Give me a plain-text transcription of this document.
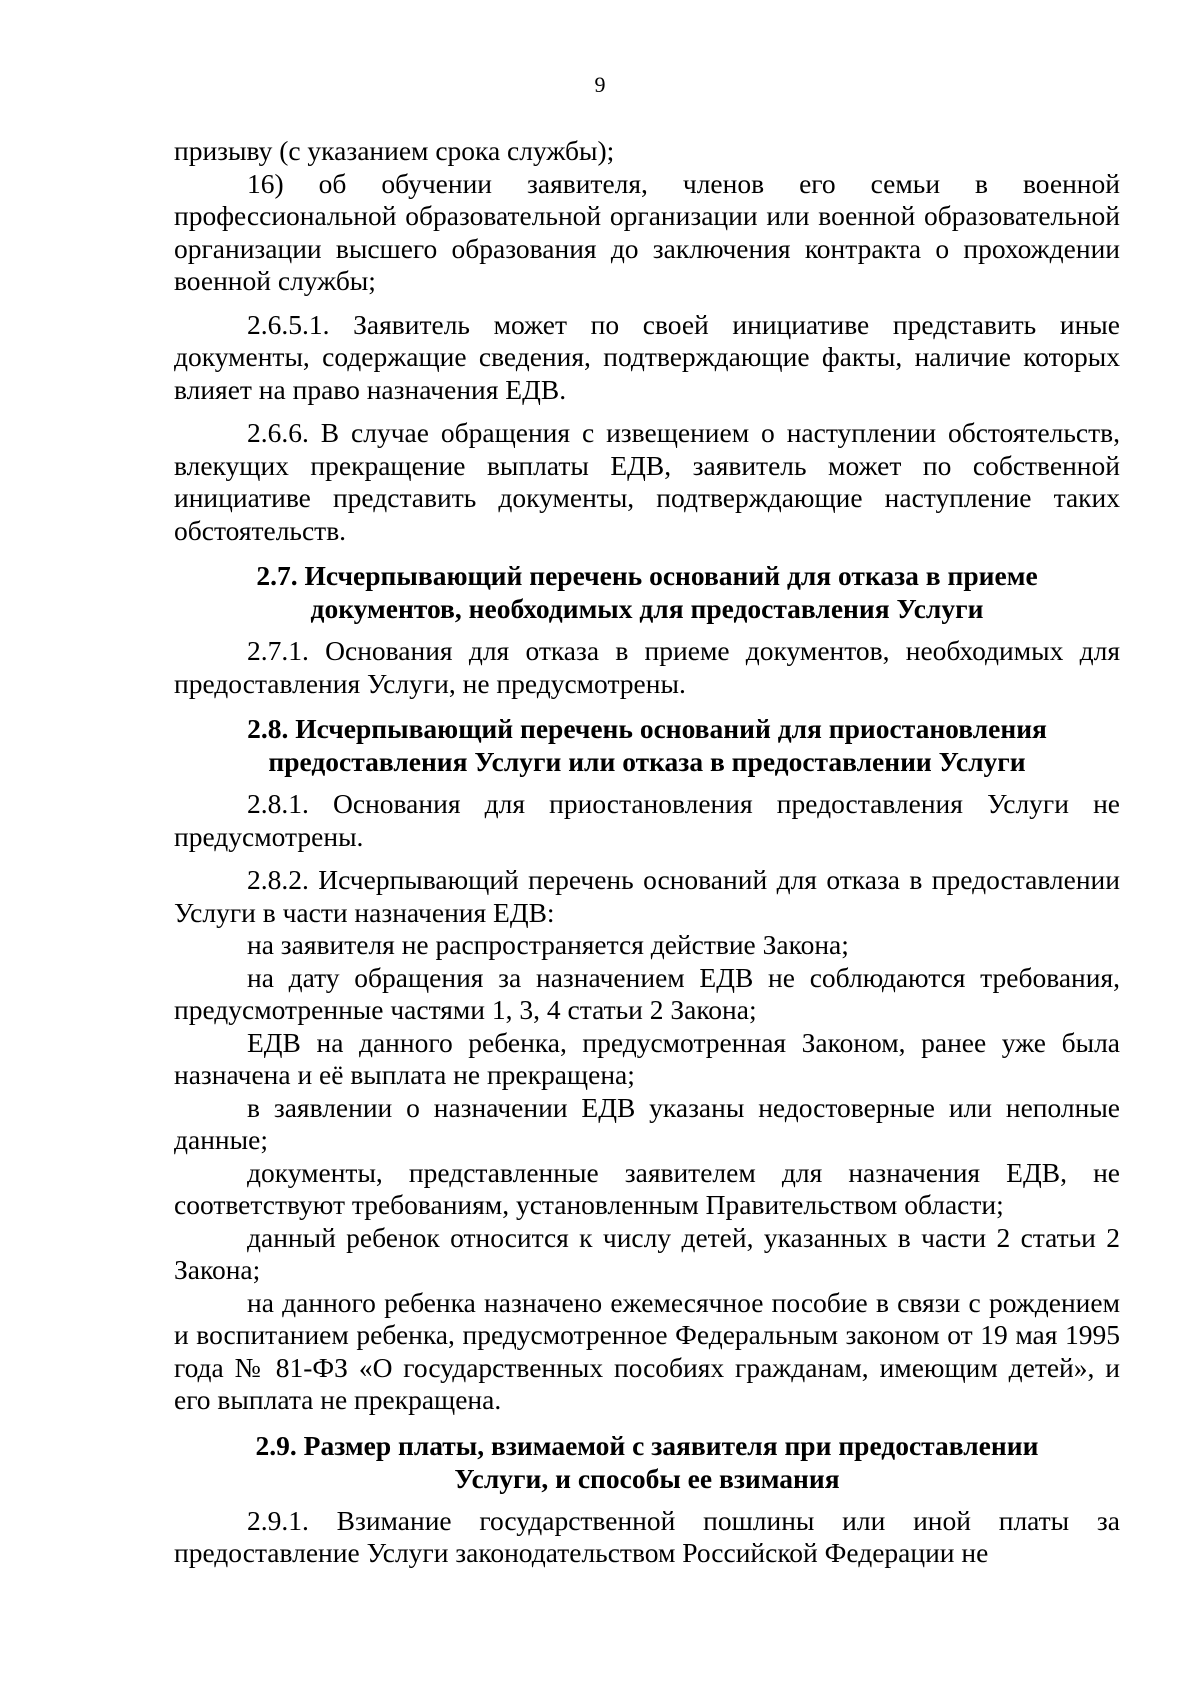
9

призыву (с указанием срока службы);

16) об обучении заявителя, членов его семьи в военной профессиональной образовательной организации или военной образовательной организации высшего образования до заключения контракта о прохождении военной службы;

2.6.5.1. Заявитель может по своей инициативе представить иные документы, содержащие сведения, подтверждающие факты, наличие которых влияет на право назначения ЕДВ.

2.6.6. В случае обращения с извещением о наступлении обстоятельств, влекущих прекращение выплаты ЕДВ, заявитель может по собственной инициативе представить документы, подтверждающие наступление таких обстоятельств.

2.7. Исчерпывающий перечень оснований для отказа в приеме документов, необходимых для предоставления Услуги

2.7.1. Основания для отказа в приеме документов, необходимых для предоставления Услуги, не предусмотрены.

2.8. Исчерпывающий перечень оснований для приостановления предоставления Услуги или отказа в предоставлении Услуги

2.8.1. Основания для приостановления предоставления Услуги не предусмотрены.

2.8.2. Исчерпывающий перечень оснований для отказа в предоставлении Услуги в части назначения ЕДВ:

на заявителя не распространяется действие Закона;

на дату обращения за назначением ЕДВ не соблюдаются требования, предусмотренные частями 1, 3, 4 статьи 2 Закона;

ЕДВ на данного ребенка, предусмотренная Законом, ранее уже была назначена и её выплата не прекращена;

в заявлении о назначении ЕДВ указаны недостоверные или неполные данные;

документы, представленные заявителем для назначения ЕДВ, не соответствуют требованиям, установленным Правительством области;

данный ребенок относится к числу детей, указанных в части 2 статьи 2 Закона;

на данного ребенка назначено ежемесячное пособие в связи с рождением и воспитанием ребенка, предусмотренное Федеральным законом от 19 мая 1995 года № 81-ФЗ «О государственных пособиях гражданам, имеющим детей», и его выплата не прекращена.

2.9. Размер платы, взимаемой с заявителя при предоставлении Услуги, и способы ее взимания

2.9.1. Взимание государственной пошлины или иной платы за предоставление Услуги законодательством Российской Федерации не
